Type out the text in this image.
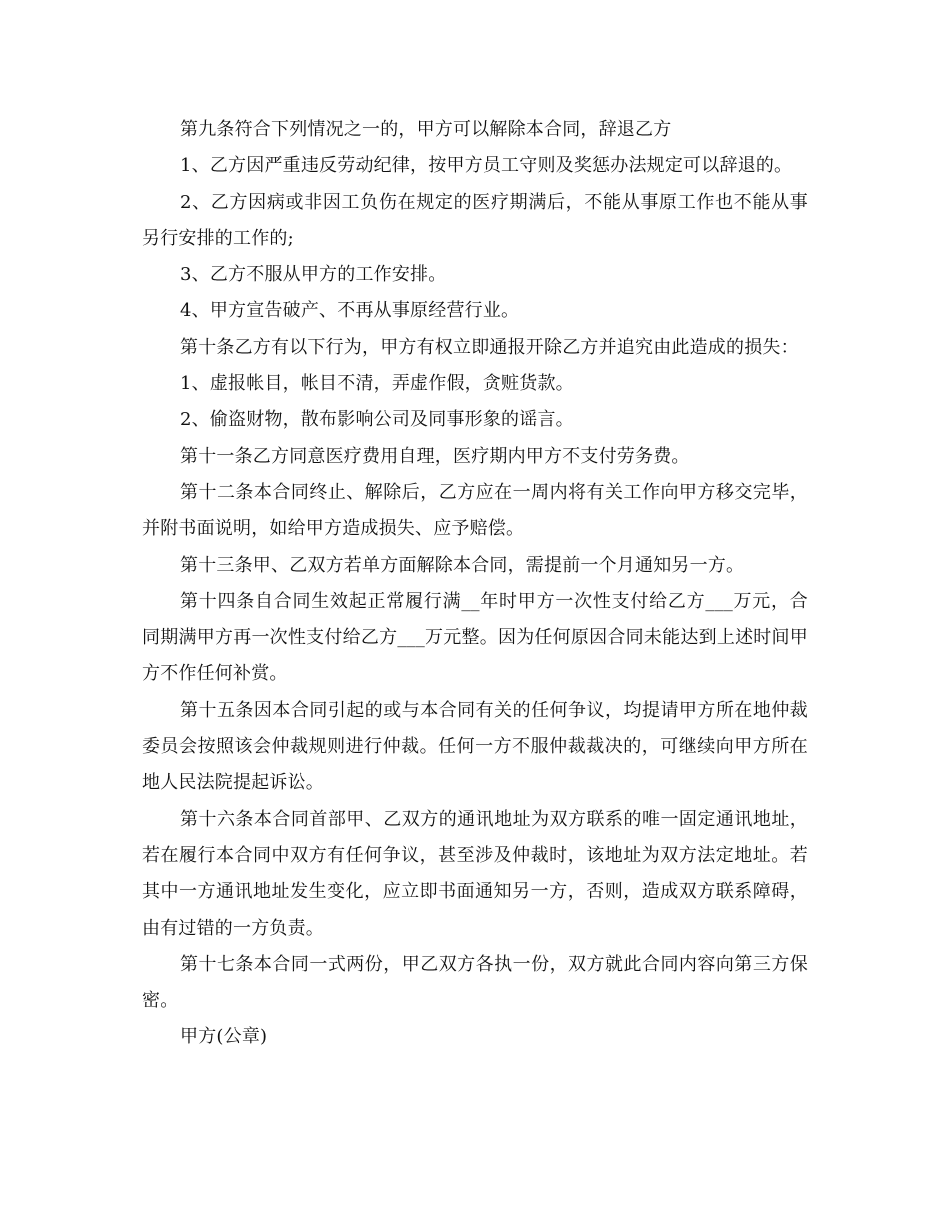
第九条符合下列情况之一的，甲方可以解除本合同，辞退乙方

1、乙方因严重违反劳动纪律，按甲方员工守则及奖惩办法规定可以辞退的。

2、乙方因病或非因工负伤在规定的医疗期满后，不能从事原工作也不能从事另行安排的工作的;

3、乙方不服从甲方的工作安排。

4、甲方宣告破产、不再从事原经营行业。

第十条乙方有以下行为，甲方有权立即通报开除乙方并追究由此造成的损失：

1、虚报帐目，帐目不清，弄虚作假，贪赃货款。

2、偷盗财物，散布影响公司及同事形象的谣言。

第十一条乙方同意医疗费用自理，医疗期内甲方不支付劳务费。

第十二条本合同终止、解除后，乙方应在一周内将有关工作向甲方移交完毕，并附书面说明，如给甲方造成损失、应予赔偿。

第十三条甲、乙双方若单方面解除本合同，需提前一个月通知另一方。

第十四条自合同生效起正常履行满__年时甲方一次性支付给乙方___万元，合同期满甲方再一次性支付给乙方___万元整。因为任何原因合同未能达到上述时间甲方不作任何补赏。

第十五条因本合同引起的或与本合同有关的任何争议，均提请甲方所在地仲裁委员会按照该会仲裁规则进行仲裁。任何一方不服仲裁裁决的，可继续向甲方所在地人民法院提起诉讼。

第十六条本合同首部甲、乙双方的通讯地址为双方联系的唯一固定通讯地址，若在履行本合同中双方有任何争议，甚至涉及仲裁时，该地址为双方法定地址。若其中一方通讯地址发生变化，应立即书面通知另一方，否则，造成双方联系障碍，由有过错的一方负责。

第十七条本合同一式两份，甲乙双方各执一份，双方就此合同内容向第三方保密。

甲方(公章)
